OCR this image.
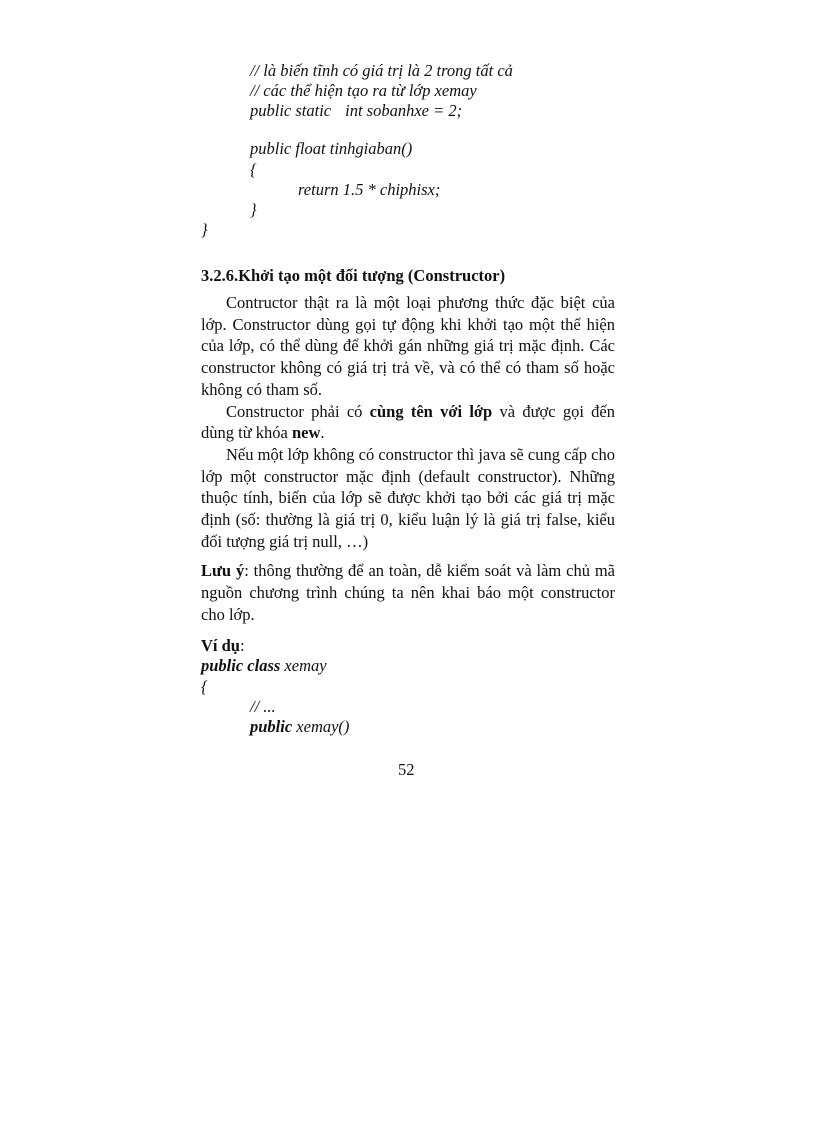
// là biến tĩnh có giá trị là 2 trong tất cả
// các thể hiện tạo ra từ lớp xemay
public static int sobanhxe = 2;
public float tinhgiaban()
{
return 1.5 * chiphisx;
}
}
3.2.6.Khởi tạo một đối tượng (Constructor)

Contructor thật ra là một loại phương thức đặc biệt của lớp. Constructor dùng gọi tự động khi khởi tạo một thể hiện của lớp, có thể dùng để khởi gán những giá trị mặc định. Các constructor không có giá trị trả về, và có thể có tham số hoặc không có tham số.

Constructor phải có cùng tên với lớp và được gọi đến dùng từ khóa new.

Nếu một lớp không có constructor thì java sẽ cung cấp cho lớp một constructor mặc định (default constructor). Những thuộc tính, biến của lớp sẽ được khởi tạo bởi các giá trị mặc định (số: thường là giá trị 0, kiểu luận lý là giá trị false, kiểu đối tượng giá trị null, …)

Lưu ý: thông thường để an toàn, dễ kiểm soát và làm chủ mã nguồn chương trình chúng ta nên khai báo một constructor cho lớp.

Ví dụ:
public class xemay
{
// ...
public xemay()
52
